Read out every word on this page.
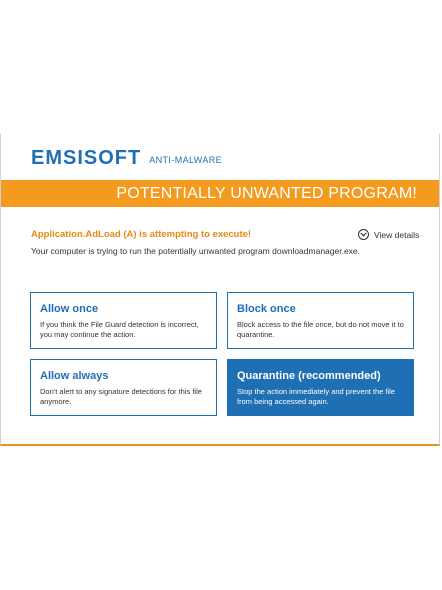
EMSISOFT ANTI-MALWARE
POTENTIALLY UNWANTED PROGRAM!
Application.AdLoad (A) is attempting to execute!
Your computer is trying to run the potentially unwanted program downloadmanager.exe.
View details
Allow once
If you think the File Guard detection is incorrect, you may continue the action.
Block once
Block access to the file once, but do not move it to quarantine.
Allow always
Don't alert to any signature detections for this file anymore.
Quarantine (recommended)
Stop the action immediately and prevent the file from being accessed again.
